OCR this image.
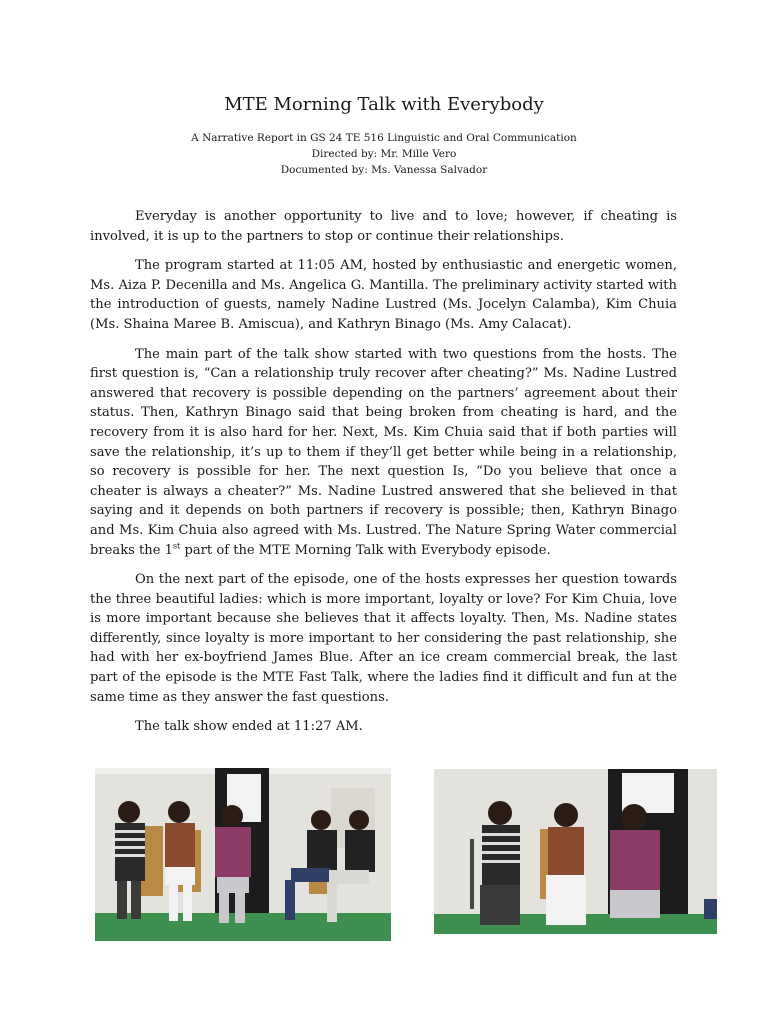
MTE Morning Talk with Everybody
A Narrative Report in GS 24 TE 516 Linguistic and Oral Communication
Directed by: Mr. Mille Vero
Documented by: Ms. Vanessa Salvador

Everyday is another opportunity to live and to love; however, if cheating is involved, it is up to the partners to stop or continue their relationships.

The program started at 11:05 AM, hosted by enthusiastic and energetic women, Ms. Aiza P. Decenilla and Ms. Angelica G. Mantilla. The preliminary activity started with the introduction of guests, namely Nadine Lustred (Ms. Jocelyn Calamba), Kim Chuia (Ms. Shaina Maree B. Amiscua), and Kathryn Binago (Ms. Amy Calacat).

The main part of the talk show started with two questions from the hosts. The first question is, “Can a relationship truly recover after cheating?” Ms. Nadine Lustred answered that recovery is possible depending on the partners’ agreement about their status. Then, Kathryn Binago said that being broken from cheating is hard, and the recovery from it is also hard for her. Next, Ms. Kim Chuia said that if both parties will save the relationship, it’s up to them if they’ll get better while being in a relationship, so recovery is possible for her. The next question Is, “Do you believe that once a cheater is always a cheater?” Ms. Nadine Lustred answered that she believed in that saying and it depends on both partners if recovery is possible; then, Kathryn Binago and Ms. Kim Chuia also agreed with Ms. Lustred. The Nature Spring Water commercial breaks the 1st part of the MTE Morning Talk with Everybody episode.

On the next part of the episode, one of the hosts expresses her question towards the three beautiful ladies: which is more important, loyalty or love? For Kim Chuia, love is more important because she believes that it affects loyalty. Then, Ms. Nadine states differently, since loyalty is more important to her considering the past relationship, she had with her ex-boyfriend James Blue. After an ice cream commercial break, the last part of the episode is the MTE Fast Talk, where the ladies find it difficult and fun at the same time as they answer the fast questions.

The talk show ended at 11:27 AM.
